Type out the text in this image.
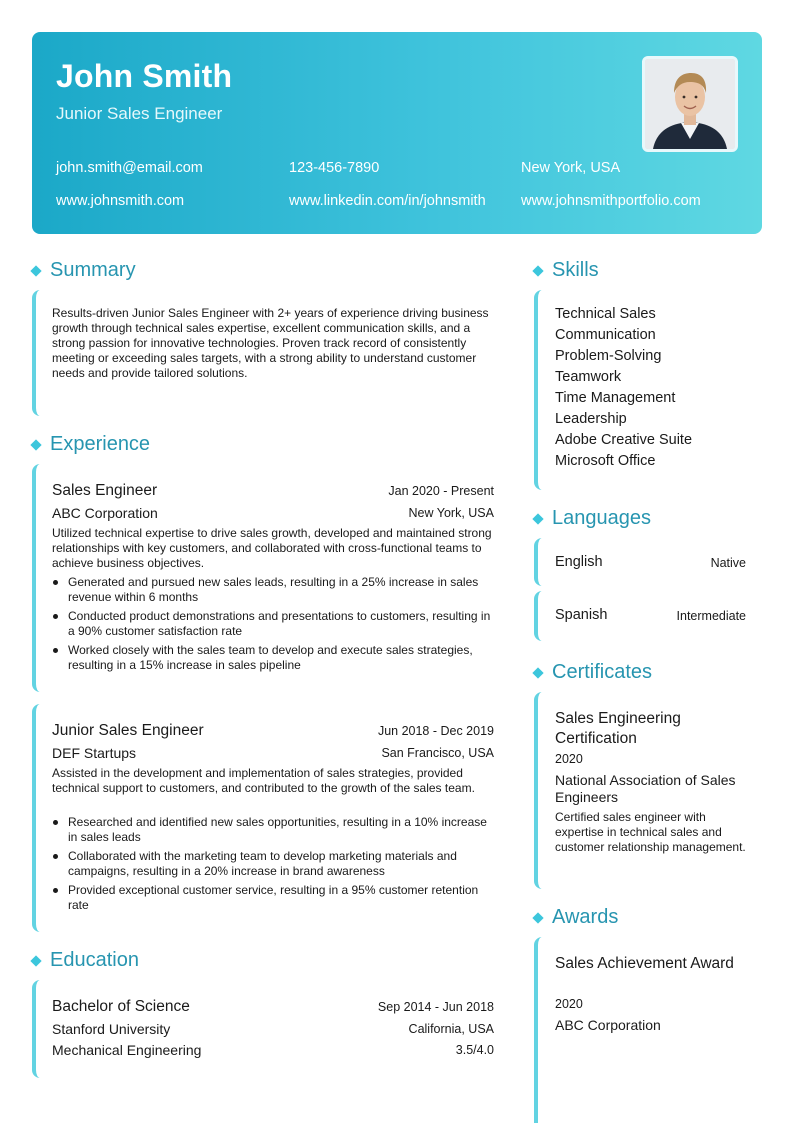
John Smith
Junior Sales Engineer
john.smith@email.com	123-456-7890	New York, USA
www.johnsmith.com	www.linkedin.com/in/johnsmith www.johnsmithportfolio.com
Summary
Results-driven Junior Sales Engineer with 2+ years of experience driving business growth through technical sales expertise, excellent communication skills, and a strong passion for innovative technologies. Proven track record of consistently meeting or exceeding sales targets, with a strong ability to understand customer needs and provide tailored solutions.
Experience
Sales Engineer	Jan 2020 - Present
ABC Corporation	New York, USA
Utilized technical expertise to drive sales growth, developed and maintained strong relationships with key customers, and collaborated with cross-functional teams to achieve business objectives.
Generated and pursued new sales leads, resulting in a 25% increase in sales revenue within 6 months
Conducted product demonstrations and presentations to customers, resulting in a 90% customer satisfaction rate
Worked closely with the sales team to develop and execute sales strategies, resulting in a 15% increase in sales pipeline
Junior Sales Engineer	Jun 2018 - Dec 2019
DEF Startups	San Francisco, USA
Assisted in the development and implementation of sales strategies, provided technical support to customers, and contributed to the growth of the sales team.
Researched and identified new sales opportunities, resulting in a 10% increase in sales leads
Collaborated with the marketing team to develop marketing materials and campaigns, resulting in a 20% increase in brand awareness
Provided exceptional customer service, resulting in a 95% customer retention rate
Education
Bachelor of Science	Sep 2014 - Jun 2018
Stanford University	California, USA
Mechanical Engineering	3.5/4.0
Skills
Technical Sales
Communication
Problem-Solving
Teamwork
Time Management
Leadership
Adobe Creative Suite
Microsoft Office
Languages
English	Native
Spanish	Intermediate
Certificates
Sales Engineering Certification
2020
National Association of Sales Engineers
Certified sales engineer with expertise in technical sales and customer relationship management.
Awards
Sales Achievement Award
2020
ABC Corporation
